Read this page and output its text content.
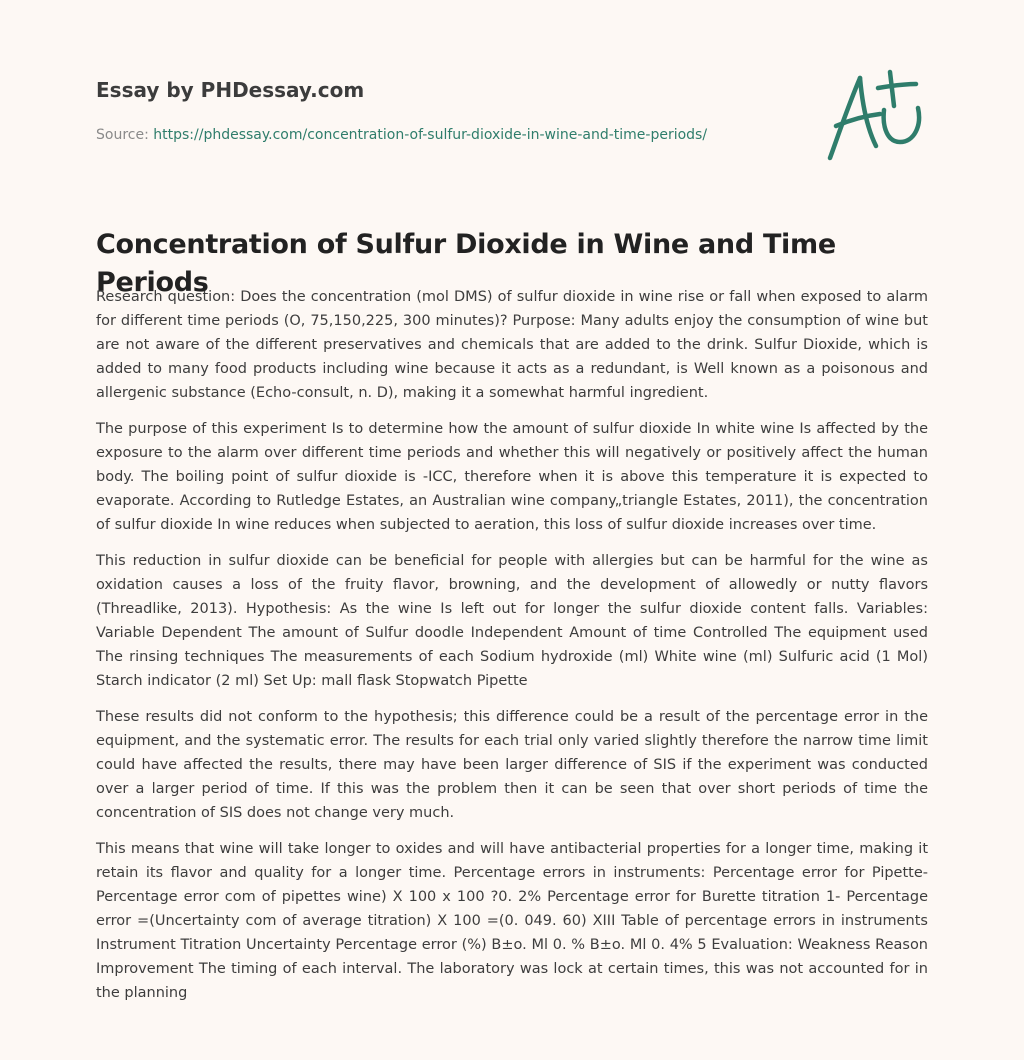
Essay by PHDessay.com
Source: https://phdessay.com/concentration-of-sulfur-dioxide-in-wine-and-time-periods/
Concentration of Sulfur Dioxide in Wine and Time Periods

Research question: Does the concentration (mol DMS) of sulfur dioxide in wine rise or fall when exposed to alarm for different time periods (O, 75,150,225, 300 minutes)? Purpose: Many adults enjoy the consumption of wine but are not aware of the different preservatives and chemicals that are added to the drink. Sulfur Dioxide, which is added to many food products including wine because it acts as a redundant, is Well known as a poisonous and allergenic substance (Echo-consult, n. D), making it a somewhat harmful ingredient.

The purpose of this experiment Is to determine how the amount of sulfur dioxide In white wine Is affected by the exposure to the alarm over different time periods and whether this will negatively or positively affect the human body. The boiling point of sulfur dioxide is -ICC, therefore when it is above this temperature it is expected to evaporate. According to Rutledge Estates, an Australian wine company„triangle Estates, 2011), the concentration of sulfur dioxide In wine reduces when subjected to aeration, this loss of sulfur dioxide increases over time.

This reduction in sulfur dioxide can be beneficial for people with allergies but can be harmful for the wine as oxidation causes a loss of the fruity flavor, browning, and the development of allowedly or nutty flavors (Threadlike, 2013). Hypothesis: As the wine Is left out for longer the sulfur dioxide content falls. Variables: Variable Dependent The amount of Sulfur doodle Independent Amount of time Controlled The equipment used The rinsing techniques The measurements of each Sodium hydroxide (ml) White wine (ml) Sulfuric acid (1 Mol) Starch indicator (2 ml) Set Up: mall flask Stopwatch Pipette

These results did not conform to the hypothesis; this difference could be a result of the percentage error in the equipment, and the systematic error. The results for each trial only varied slightly therefore the narrow time limit could have affected the results, there may have been larger difference of SIS if the experiment was conducted over a larger period of time. If this was the problem then it can be seen that over short periods of time the concentration of SIS does not change very much.

This means that wine will take longer to oxides and will have antibacterial properties for a longer time, making it retain its flavor and quality for a longer time. Percentage errors in instruments: Percentage error for Pipette- Percentage error com of pipettes wine) X 100 x 100 ?0. 2% Percentage error for Burette titration 1- Percentage error =(Uncertainty com of average titration) X 100 =(0. 049. 60) XIII Table of percentage errors in instruments Instrument Titration Uncertainty Percentage error (%) B±o. Ml 0. % B±o. Ml 0. 4% 5 Evaluation: Weakness Reason Improvement The timing of each interval. The laboratory was lock at certain times, this was not accounted for in the planning
